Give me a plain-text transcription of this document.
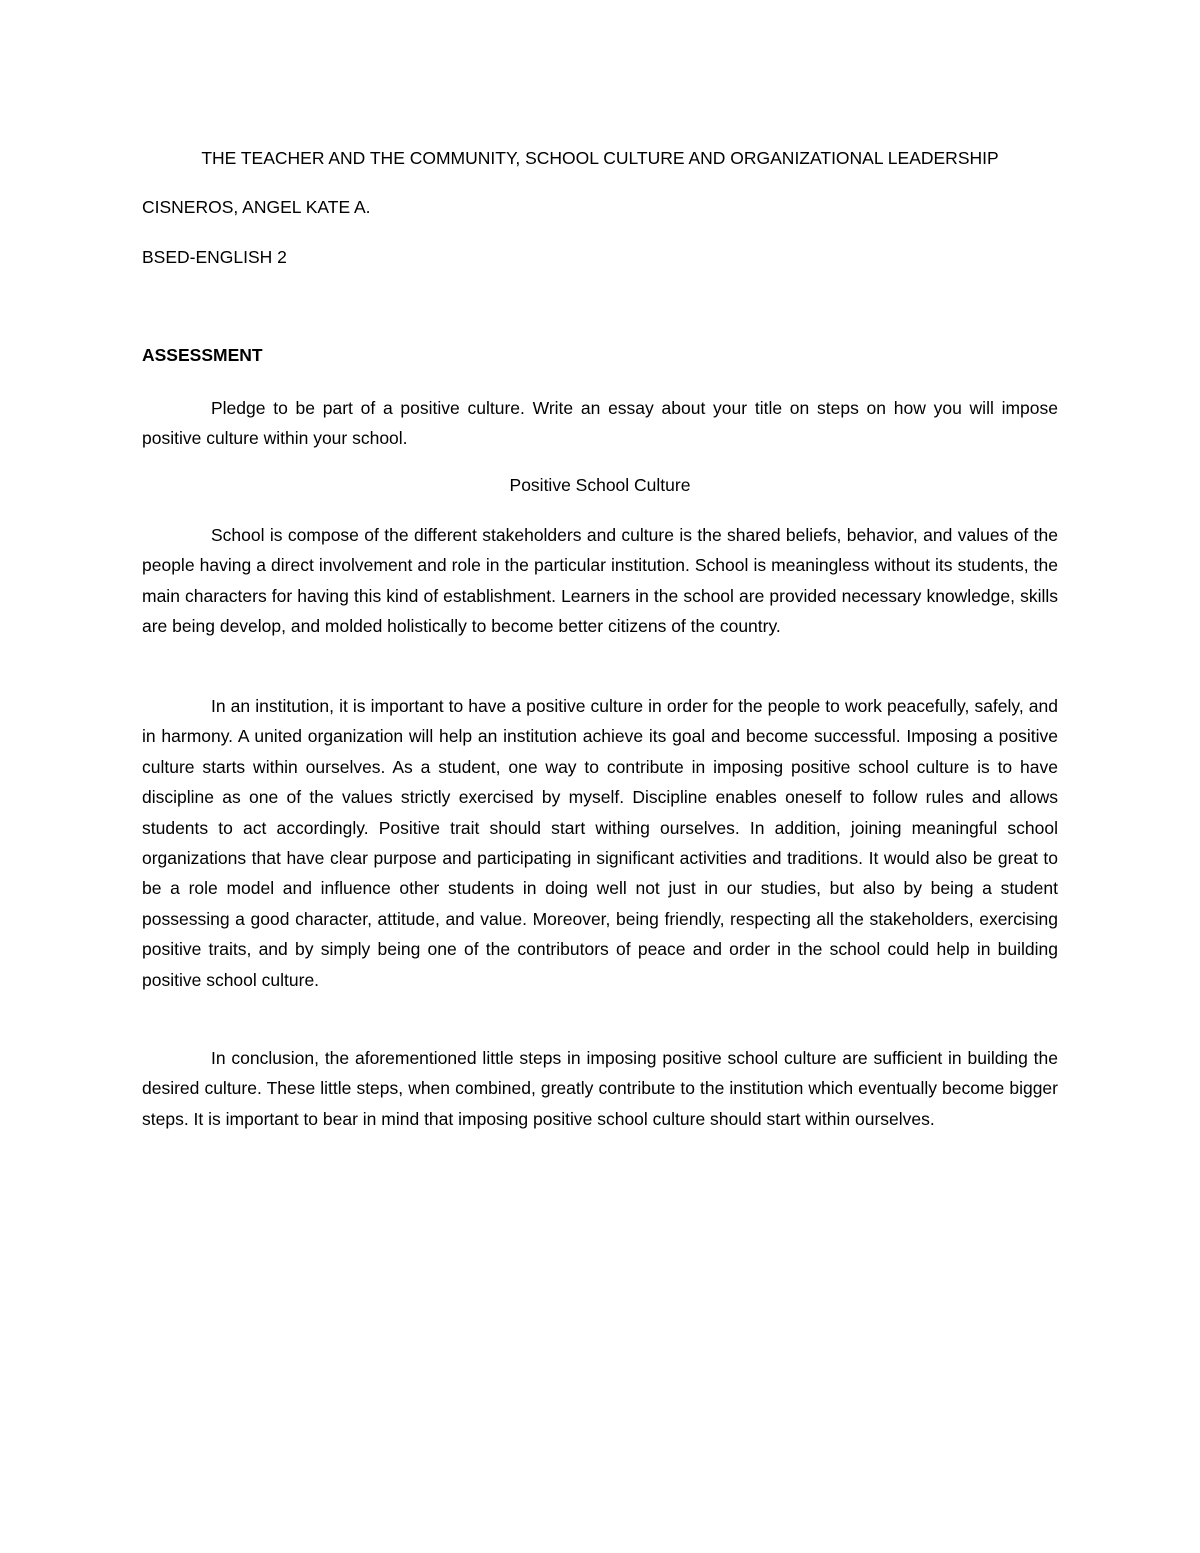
THE TEACHER AND THE COMMUNITY, SCHOOL CULTURE AND ORGANIZATIONAL LEADERSHIP
CISNEROS, ANGEL KATE A.
BSED-ENGLISH 2
ASSESSMENT

Pledge to be part of a positive culture. Write an essay about your title on steps on how you will impose positive culture within your school.

Positive School Culture

School is compose of the different stakeholders and culture is the shared beliefs, behavior, and values of the people having a direct involvement and role in the particular institution. School is meaningless without its students, the main characters for having this kind of establishment. Learners in the school are provided necessary knowledge, skills are being develop, and molded holistically to become better citizens of the country.

In an institution, it is important to have a positive culture in order for the people to work peacefully, safely, and in harmony. A united organization will help an institution achieve its goal and become successful. Imposing a positive culture starts within ourselves. As a student, one way to contribute in imposing positive school culture is to have discipline as one of the values strictly exercised by myself. Discipline enables oneself to follow rules and allows students to act accordingly. Positive trait should start withing ourselves. In addition, joining meaningful school organizations that have clear purpose and participating in significant activities and traditions. It would also be great to be a role model and influence other students in doing well not just in our studies, but also by being a student possessing a good character, attitude, and value. Moreover, being friendly, respecting all the stakeholders, exercising positive traits, and by simply being one of the contributors of peace and order in the school could help in building positive school culture.

In conclusion, the aforementioned little steps in imposing positive school culture are sufficient in building the desired culture. These little steps, when combined, greatly contribute to the institution which eventually become bigger steps. It is important to bear in mind that imposing positive school culture should start within ourselves.
